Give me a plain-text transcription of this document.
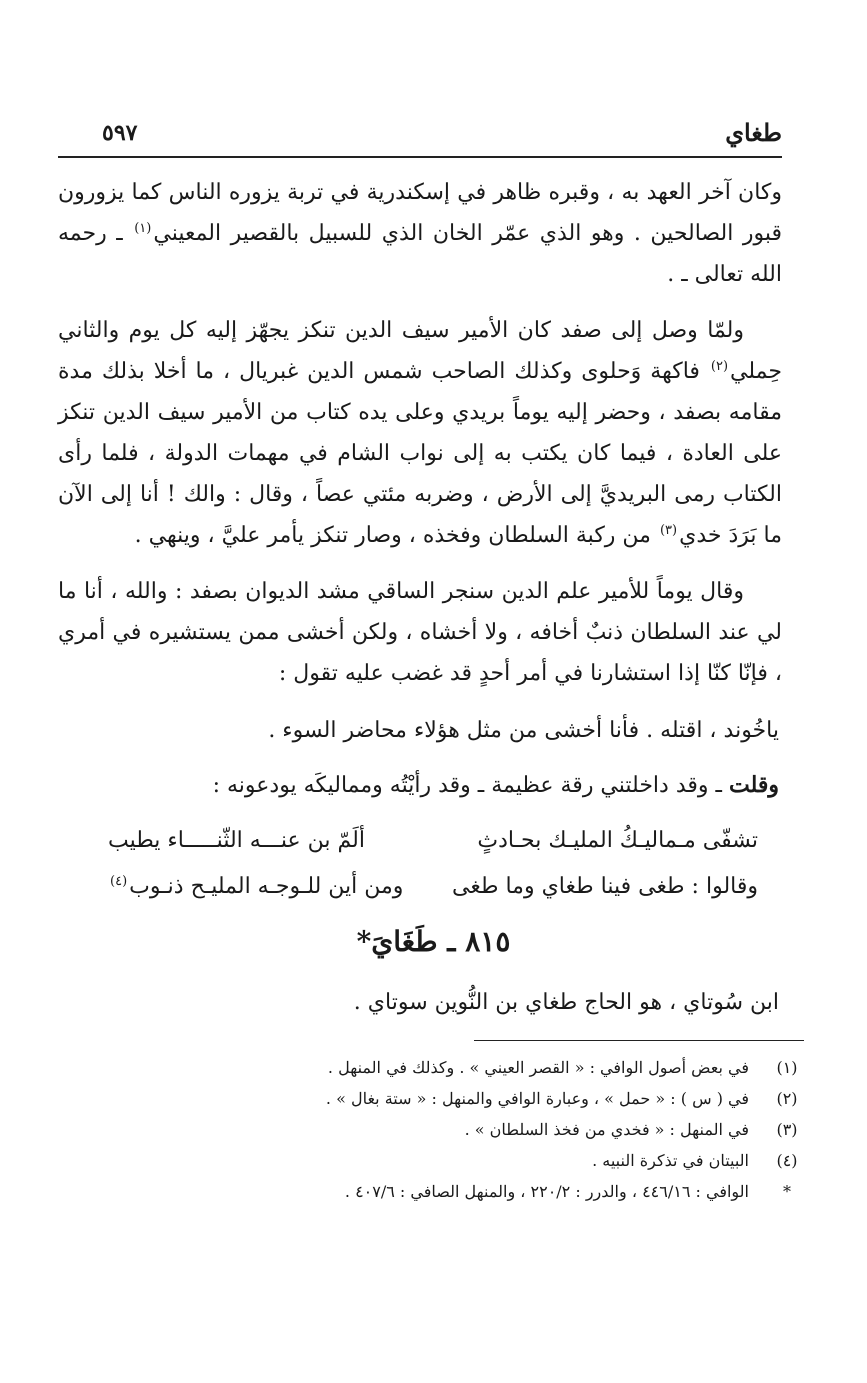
طغاي
٥٩٧

وكان آخر العهد به ، وقبره ظاهر في إسكندرية في تربة يزوره الناس كما يزورون قبور الصالحين . وهو الذي عمّر الخان الذي للسبيل بالقصير المعيني$^{(١)}$ ـ رحمه الله تعالى ـ .

ولمّا وصل إلى صفد كان الأمير سيف الدين تنكز يجهّز إليه كل يوم والثاني حِملي$^{(٢)}$ فاكهة وَحلوى وكذلك الصاحب شمس الدين غبريال ، ما أخلا بذلك مدة مقامه بصفد ، وحضر إليه يوماً بريدي وعلى يده كتاب من الأمير سيف الدين تنكز على العادة ، فيما كان يكتب به إلى نواب الشام في مهمات الدولة ، فلما رأى الكتاب رمى البريديَّ إلى الأرض ، وضربه مئتي عصاً ، وقال : والك ! أنا إلى الآن ما بَرَدَ خدي$^{(٣)}$ من ركبة السلطان وفخذه ، وصار تنكز يأمر عليَّ ، وينهي .

وقال يوماً للأمير علم الدين سنجر الساقي مشد الديوان بصفد : والله ، أنا ما لي عند السلطان ذنبٌ أخافه ، ولا أخشاه ، ولكن أخشى ممن يستشيره في أمري ، فإنّا كنّا إذا استشارنا في أمر أحدٍ قد غضب عليه تقول :

ياخُوند ، اقتله . فأنا أخشى من مثل هؤلاء محاضر السوء .
وقلت ـ وقد داخلتني رقة عظيمة ـ وقد رأيْتُه ومماليكَه يودعونه :
تشفّى مـماليـكُ المليـك بحـادثٍ
ألَمّ بن عنـــه الثّنـــــاء يطيب
وقالوا : طغى فينا طغاي وما طغى
ومن أين للـوجـه المليـح ذنـوب$^{(٤)}$
٨١٥ ـ طَغَايَ*
ابن سُوتاي ، هو الحاج طغاي بن النُّوين سوتاي .
(١)
في بعض أصول الوافي : « القصر العيني » . وكذلك في المنهل .
(٢)
في ( س ) : « حمل » ، وعبارة الوافي والمنهل : « ستة بغال » .
(٣)
في المنهل : « فخدي من فخذ السلطان » .
(٤)
البيتان في تذكرة النبيه .
*
الوافي : ٤٤٦/١٦ ، والدرر : ٢٢٠/٢ ، والمنهل الصافي : ٤٠٧/٦ .
